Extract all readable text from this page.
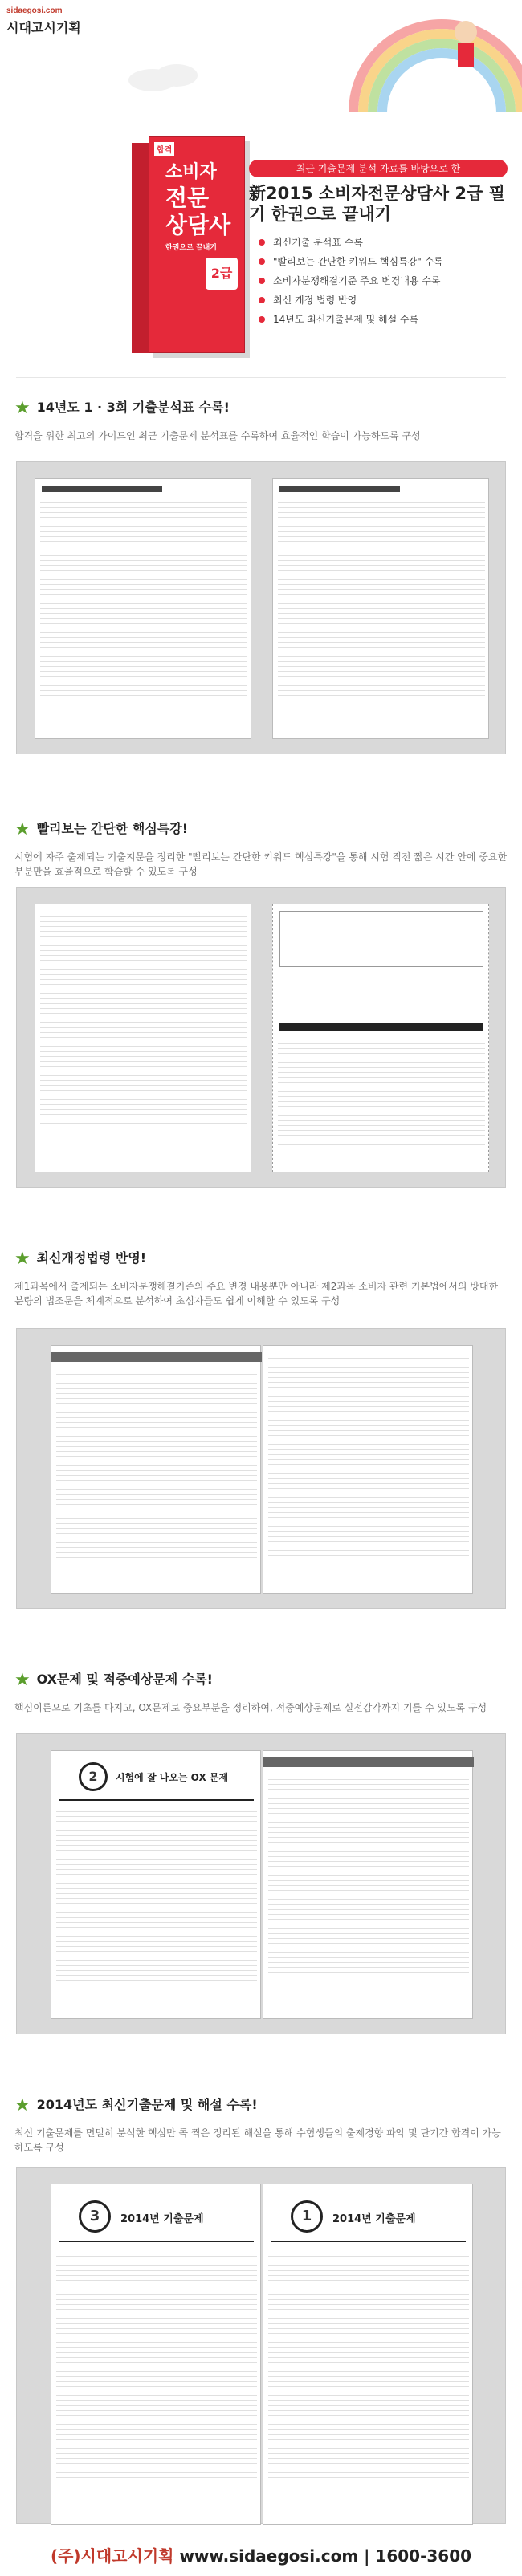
sidaegosi.com
시대고시기획
합격
소비자
전문
상담사
한권으로 끝내기
2급
최근 기출문제 분석 자료를 바탕으로 한
新2015 소비자전문상담사 2급 필기 한권으로 끝내기
최신기출 분석표 수록
"빨리보는 간단한 키워드 핵심특강" 수록
소비자분쟁해결기준 주요 변경내용 수록
최신 개정 법령 반영
14년도 최신기출문제 및 해설 수록
★ 14년도 1 · 3회 기출분석표 수록!
합격을 위한 최고의 가이드인 최근 기출문제 분석표를 수록하여 효율적인 학습이 가능하도록 구성
★ 빨리보는 간단한 핵심특강!
시험에 자주 출제되는 기출지문을 정리한 "빨리보는 간단한 키워드 핵심특강"을 통해 시험 직전 짧은 시간 안에 중요한 부분만을 효율적으로 학습할 수 있도록 구성
★ 최신개정법령 반영!
제1과목에서 출제되는 소비자분쟁해결기준의 주요 변경 내용뿐만 아니라 제2과목 소비자 관련 기본법에서의 방대한 분량의 법조문을 체계적으로 분석하여 초심자들도 쉽게 이해할 수 있도록 구성
★ OX문제 및 적중예상문제 수록!
핵심이론으로 기초를 다지고, OX문제로 중요부분을 정리하여, 적중예상문제로 실전감각까지 기를 수 있도록 구성
2	시험에 잘 나오는 OX 문제
★ 2014년도 최신기출문제 및 해설 수록!
최신 기출문제를 면밀히 분석한 핵심만 콕 찍은 정리된 해설을 통해 수험생들의 출제경향 파악 및 단기간 합격이 가능하도록 구성
3	2014년 기출문제	1	2014년 기출문제
(주)시대고시기획 www.sidaegosi.com | 1600-3600
